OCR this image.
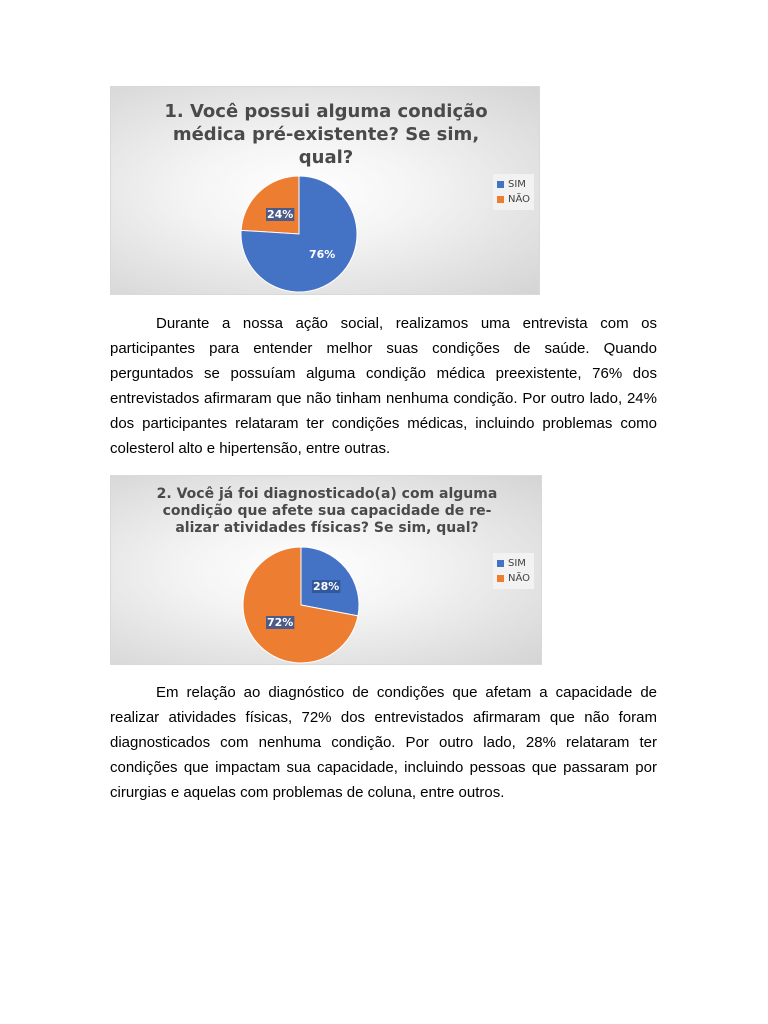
1. Você possui alguma condição médica pré-existente? Se sim, qual?
76%
24%
SIM
NÃO

Durante a nossa ação social, realizamos uma entrevista com os participantes para entender melhor suas condições de saúde. Quando perguntados se possuíam alguma condição médica preexistente, 76% dos entrevistados afirmaram que não tinham nenhuma condição. Por outro lado, 24% dos participantes relataram ter condições médicas, incluindo problemas como colesterol alto e hipertensão, entre outras.

2. Você já foi diagnosticado(a) com alguma condição que afete sua capacidade de re- alizar atividades físicas? Se sim, qual?
28%
72%
SIM
NÃO

Em relação ao diagnóstico de condições que afetam a capacidade de realizar atividades físicas, 72% dos entrevistados afirmaram que não foram diagnosticados com nenhuma condição. Por outro lado, 28% relataram ter condições que impactam sua capacidade, incluindo pessoas que passaram por cirurgias e aquelas com problemas de coluna, entre outros.
